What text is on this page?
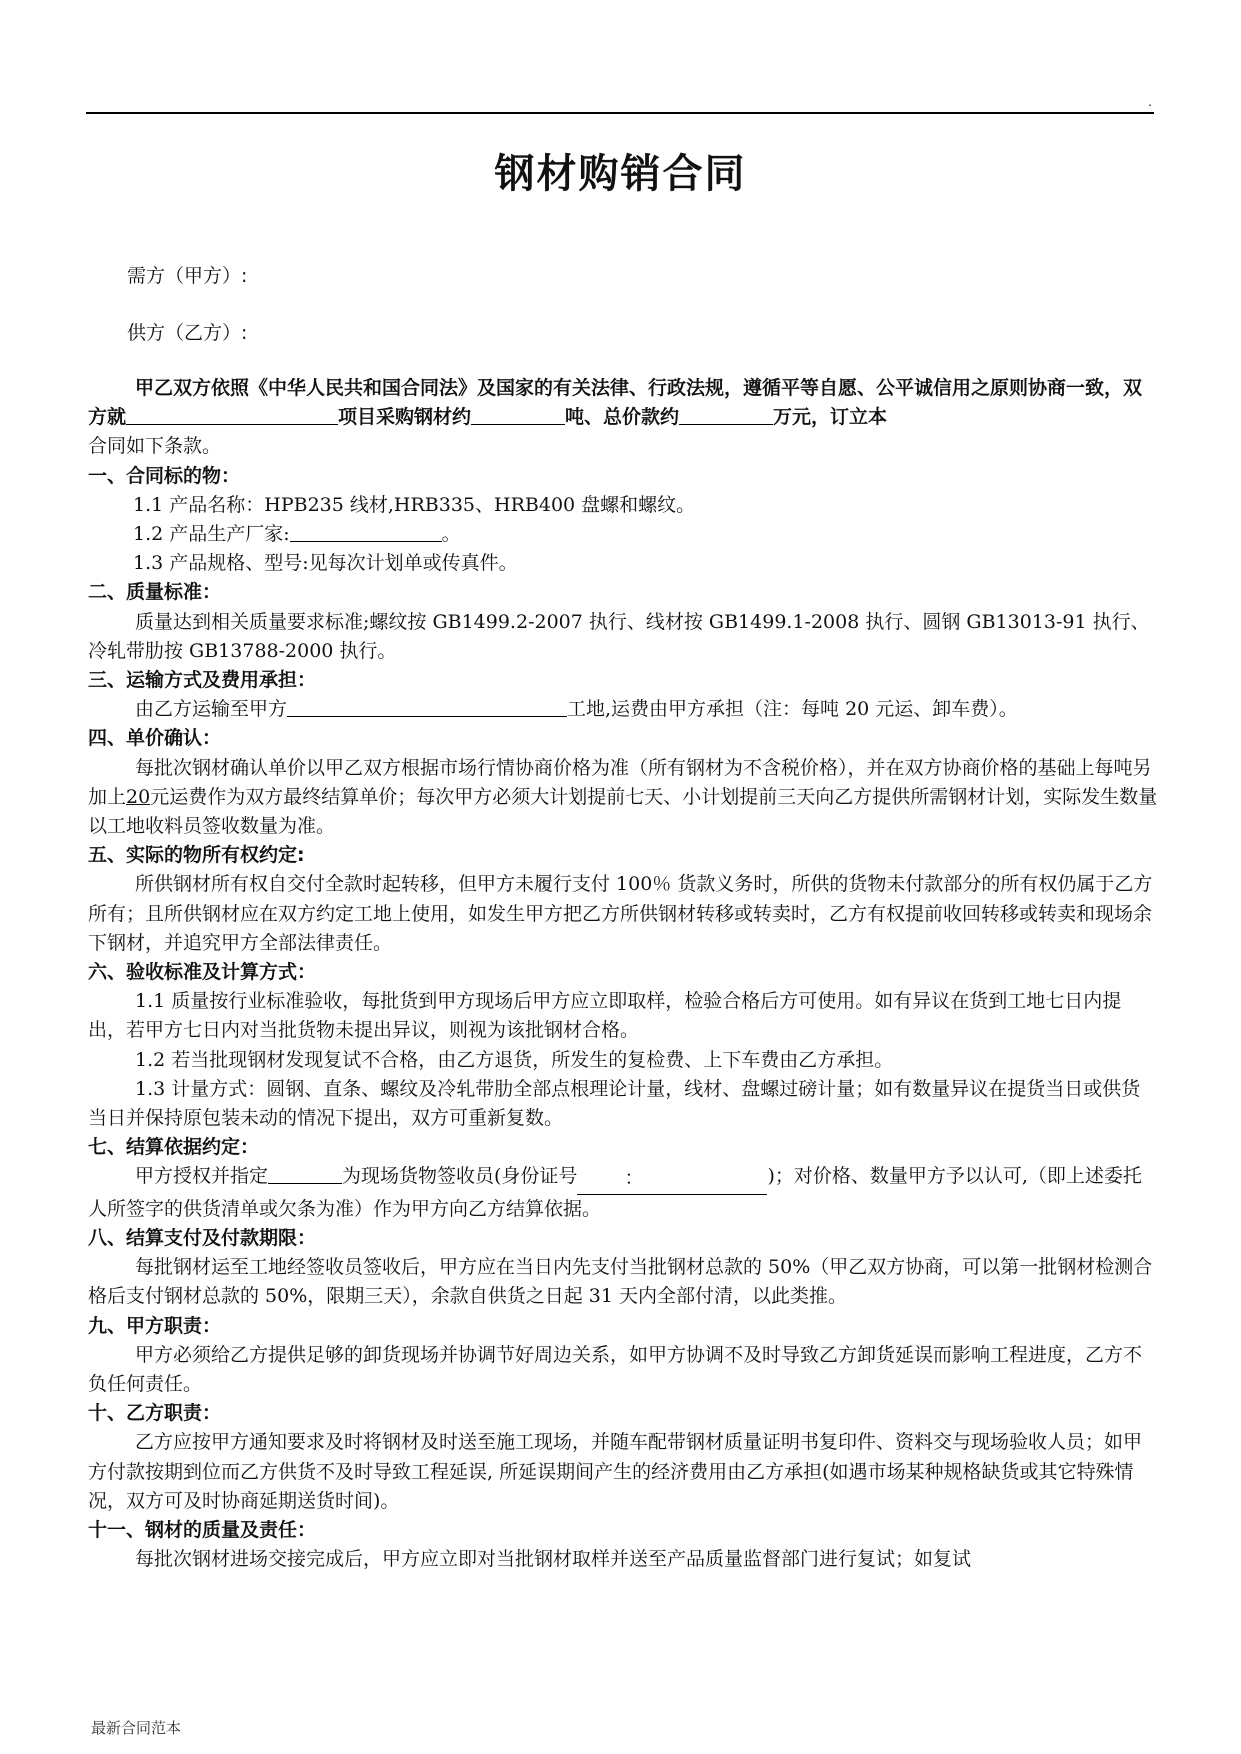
.
钢材购销合同
需方（甲方）:
供方（乙方）:

甲乙双方依照《中华人民共和国合同法》及国家的有关法律、行政法规，遵循平等自愿、公平诚信用之原则协商一致，双方就	项目采购钢材约	吨、总价款约	万元，订立本

合同如下条款。

一、合同标的物：

1.1 产品名称：HPB235 线材,HRB335、HRB400 盘螺和螺纹。

1.2 产品生产厂家:	。

1.3 产品规格、型号:见每次计划单或传真件。

二、质量标准：

质量达到相关质量要求标准;螺纹按 GB1499.2-2007 执行、线材按 GB1499.1-2008 执行、圆钢 GB13013-91 执行、冷轧带肋按 GB13788-2000 执行。

三、运输方式及费用承担：

由乙方运输至甲方	工地,运费由甲方承担（注：每吨 20 元运、卸车费）。

四、单价确认：

每批次钢材确认单价以甲乙双方根据市场行情协商价格为准（所有钢材为不含税价格），并在双方协商价格的基础上每吨另加上20元运费作为双方最终结算单价；每次甲方必须大计划提前七天、小计划提前三天向乙方提供所需钢材计划，实际发生数量以工地收料员签收数量为准。

五、实际的物所有权约定:

所供钢材所有权自交付全款时起转移，但甲方未履行支付 100％ 货款义务时，所供的货物未付款部分的所有权仍属于乙方所有；且所供钢材应在双方约定工地上使用，如发生甲方把乙方所供钢材转移或转卖时，乙方有权提前收回转移或转卖和现场余下钢材，并追究甲方全部法律责任。

六、验收标准及计算方式：

1.1 质量按行业标准验收，每批货到甲方现场后甲方应立即取样，检验合格后方可使用。如有异议在货到工地七日内提出，若甲方七日内对当批货物未提出异议，则视为该批钢材合格。

1.2 若当批现钢材发现复试不合格，由乙方退货，所发生的复检费、上下车费由乙方承担。

1.3 计量方式：圆钢、直条、螺纹及冷轧带肋全部点根理论计量，线材、盘螺过磅计量；如有数量异议在提货当日或供货当日并保持原包装未动的情况下提出，双方可重新复数。

七、结算依据约定：

甲方授权并指定	为现场货物签收员(身份证号 ：	)；对价格、数量甲方予以认可,（即上述委托人所签字的供货清单或欠条为准）作为甲方向乙方结算依据。

八、结算支付及付款期限：

每批钢材运至工地经签收员签收后，甲方应在当日内先支付当批钢材总款的 50%（甲乙双方协商，可以第一批钢材检测合格后支付钢材总款的 50%，限期三天），余款自供货之日起 31 天内全部付清，以此类推。

九、甲方职责：

甲方必须给乙方提供足够的卸货现场并协调节好周边关系，如甲方协调不及时导致乙方卸货延误而影响工程进度，乙方不负任何责任。

十、乙方职责：

乙方应按甲方通知要求及时将钢材及时送至施工现场，并随车配带钢材质量证明书复印件、资料交与现场验收人员；如甲方付款按期到位而乙方供货不及时导致工程延误, 所延误期间产生的经济费用由乙方承担(如遇市场某种规格缺货或其它特殊情况，双方可及时协商延期送货时间)。

十一、钢材的质量及责任：

每批次钢材进场交接完成后，甲方应立即对当批钢材取样并送至产品质量监督部门进行复试；如复试

最新合同范本
